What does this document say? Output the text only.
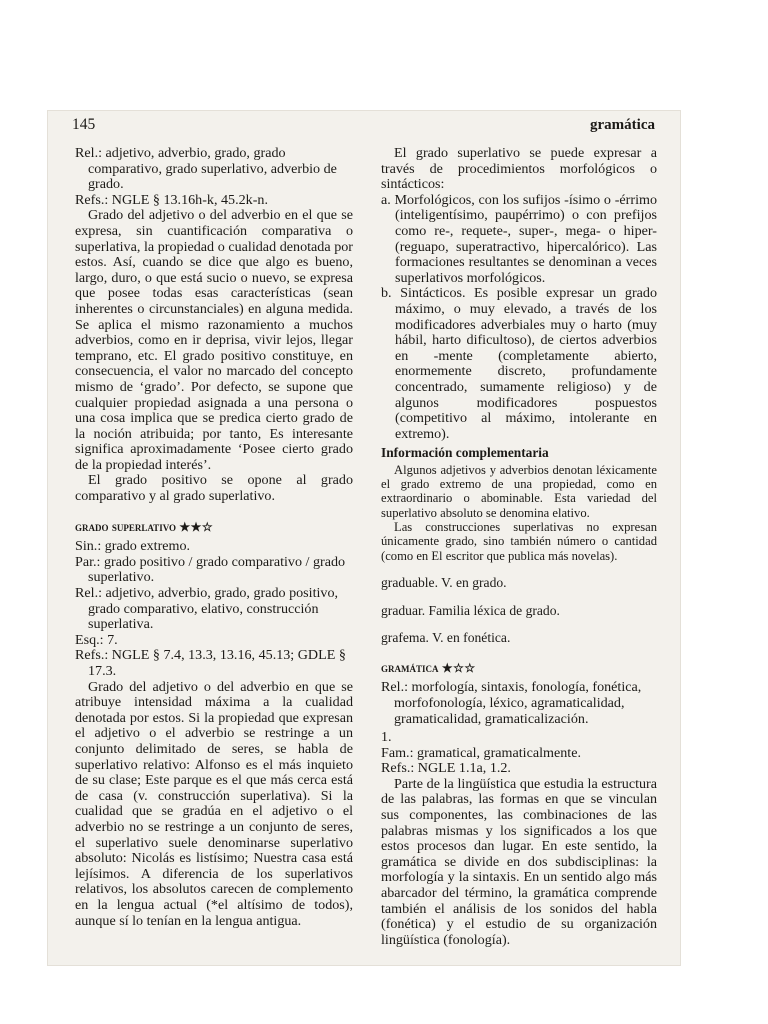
145	gramática

Rel.: adjetivo, adverbio, grado, grado comparativo, grado superlativo, adverbio de grado.

Refs.: NGLE § 13.16h-k, 45.2k-n.

Grado del adjetivo o del adverbio en el que se expresa, sin cuantificación comparativa o superlativa, la propiedad o cualidad denotada por estos. Así, cuando se dice que algo es bueno, largo, duro, o que está sucio o nuevo, se expresa que posee todas esas características (sean inherentes o circunstanciales) en alguna medida. Se aplica el mismo razonamiento a muchos adverbios, como en ir deprisa, vivir lejos, llegar temprano, etc. El grado positivo constituye, en consecuencia, el valor no marcado del concepto mismo de ‘grado’. Por defecto, se supone que cualquier propiedad asignada a una persona o una cosa implica que se predica cierto grado de la noción atribuida; por tanto, Es interesante significa aproximadamente ‘Posee cierto grado de la propiedad interés’.

El grado positivo se opone al grado comparativo y al grado superlativo.

grado superlativo ★★☆

Sin.: grado extremo.

Par.: grado positivo / grado comparativo / grado superlativo.

Rel.: adjetivo, adverbio, grado, grado positivo, grado comparativo, elativo, construcción superlativa.

Esq.: 7.

Refs.: NGLE § 7.4, 13.3, 13.16, 45.13; GDLE § 17.3.

Grado del adjetivo o del adverbio en que se atribuye intensidad máxima a la cualidad denotada por estos. Si la propiedad que expresan el adjetivo o el adverbio se restringe a un conjunto delimitado de seres, se habla de superlativo relativo: Alfonso es el más inquieto de su clase; Este parque es el que más cerca está de casa (v. construcción superlativa). Si la cualidad que se gradúa en el adjetivo o el adverbio no se restringe a un conjunto de seres, el superlativo suele denominarse superlativo absoluto: Nicolás es listísimo; Nuestra casa está lejísimos. A diferencia de los superlativos relativos, los absolutos carecen de complemento en la lengua actual (*el altísimo de todos), aunque sí lo tenían en la lengua antigua.

El grado superlativo se puede expresar a través de procedimientos morfológicos o sintácticos:

a. Morfológicos, con los sufijos -ísimo o -érrimo (inteligentísimo, paupérrimo) o con prefijos como re-, requete-, super-, mega- o hiper- (reguapo, superatractivo, hipercalórico). Las formaciones resultantes se denominan a veces superlativos morfológicos.

b. Sintácticos. Es posible expresar un grado máximo, o muy elevado, a través de los modificadores adverbiales muy o harto (muy hábil, harto dificultoso), de ciertos adverbios en -mente (completamente abierto, enormemente discreto, profundamente concentrado, sumamente religioso) y de algunos modificadores pospuestos (competitivo al máximo, intolerante en extremo).

Información complementaria

Algunos adjetivos y adverbios denotan léxicamente el grado extremo de una propiedad, como en extraordinario o abominable. Esta variedad del superlativo absoluto se denomina elativo.

Las construcciones superlativas no expresan únicamente grado, sino también número o cantidad (como en El escritor que publica más novelas).

graduable. V. en grado.

graduar. Familia léxica de grado.

grafema. V. en fonética.

gramática ★☆☆

Rel.: morfología, sintaxis, fonología, fonética, morfofonología, léxico, agramaticalidad, gramaticalidad, gramaticalización.

1.

Fam.: gramatical, gramaticalmente.

Refs.: NGLE 1.1a, 1.2.

Parte de la lingüística que estudia la estructura de las palabras, las formas en que se vinculan sus componentes, las combinaciones de las palabras mismas y los significados a los que estos procesos dan lugar. En este sentido, la gramática se divide en dos subdisciplinas: la morfología y la sintaxis. En un sentido algo más abarcador del término, la gramática comprende también el análisis de los sonidos del habla (fonética) y el estudio de su organización lingüística (fonología).
